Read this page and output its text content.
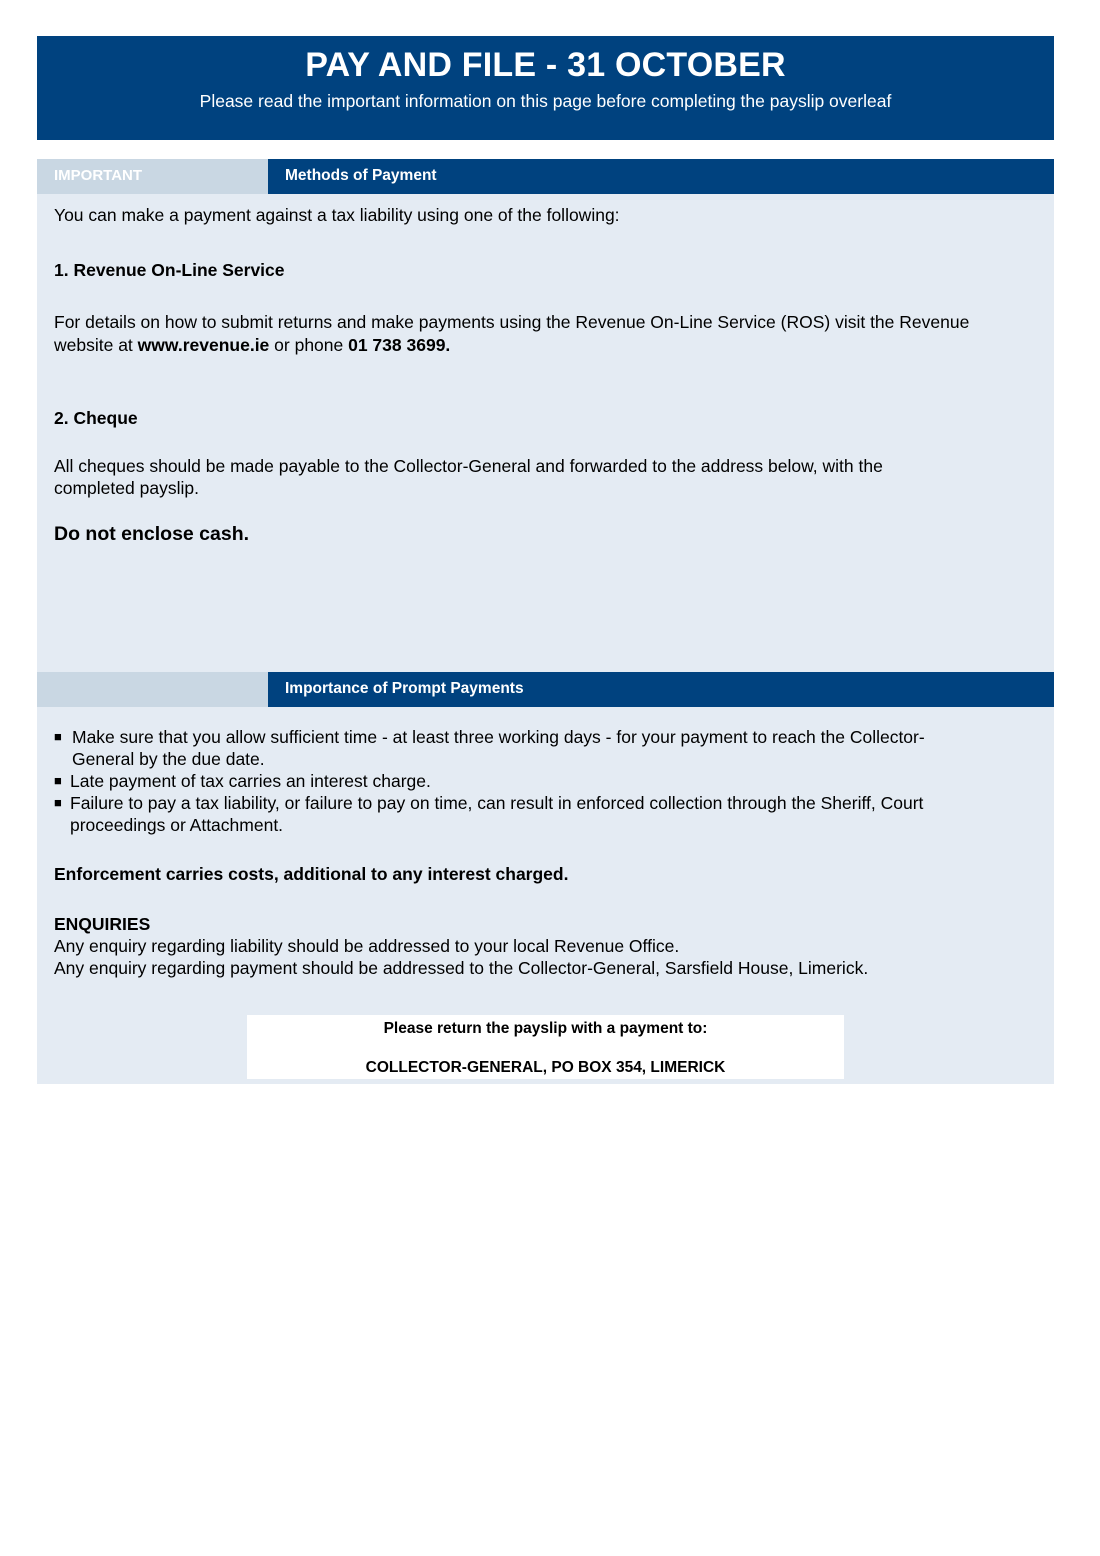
PAY AND FILE - 31 OCTOBER
Please read the important information on this page before completing the payslip overleaf
IMPORTANT	Methods of Payment
You can make a payment against a tax liability using one of the following:
1. Revenue On-Line Service
For details on how to submit returns and make payments using the Revenue On-Line Service (ROS) visit the Revenue
website at www.revenue.ie or phone 01 738 3699.
2. Cheque
All cheques should be made payable to the Collector-General and forwarded to the address below, with the
completed payslip.
Do not enclose cash.
Importance of Prompt Payments
■ Make sure that you allow sufficient time - at least three working days - for your payment to reach the Collector-
General by the due date.
■ Late payment of tax carries an interest charge.
■ Failure to pay a tax liability, or failure to pay on time, can result in enforced collection through the Sheriff, Court
proceedings or Attachment.
Enforcement carries costs, additional to any interest charged.
ENQUIRIES
Any enquiry regarding liability should be addressed to your local Revenue Office.
Any enquiry regarding payment should be addressed to the Collector-General, Sarsfield House, Limerick.
Please return the payslip with a payment to:
COLLECTOR-GENERAL, PO BOX 354, LIMERICK
